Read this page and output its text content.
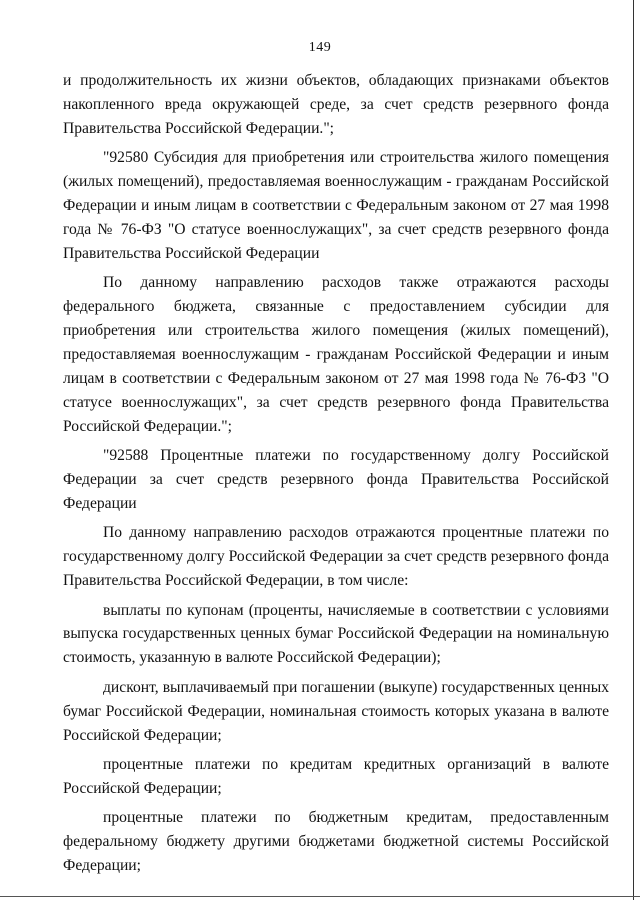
149

и продолжительность их жизни объектов, обладающих признаками объектов накопленного вреда окружающей среде, за счет средств резервного фонда Правительства Российской Федерации.";

"92580 Субсидия для приобретения или строительства жилого помещения (жилых помещений), предоставляемая военнослужащим - гражданам Российской Федерации и иным лицам в соответствии с Федеральным законом от 27 мая 1998 года № 76-ФЗ "О статусе военнослужащих", за счет средств резервного фонда Правительства Российской Федерации

По данному направлению расходов также отражаются расходы федерального бюджета, связанные с предоставлением субсидии для приобретения или строительства жилого помещения (жилых помещений), предоставляемая военнослужащим - гражданам Российской Федерации и иным лицам в соответствии с Федеральным законом от 27 мая 1998 года № 76-ФЗ "О статусе военнослужащих", за счет средств резервного фонда Правительства Российской Федерации.";

"92588 Процентные платежи по государственному долгу Российской Федерации за счет средств резервного фонда Правительства Российской Федерации

По данному направлению расходов отражаются процентные платежи по государственному долгу Российской Федерации за счет средств резервного фонда Правительства Российской Федерации, в том числе:

выплаты по купонам (проценты, начисляемые в соответствии с условиями выпуска государственных ценных бумаг Российской Федерации на номинальную стоимость, указанную в валюте Российской Федерации);

дисконт, выплачиваемый при погашении (выкупе) государственных ценных бумаг Российской Федерации, номинальная стоимость которых указана в валюте Российской Федерации;

процентные платежи по кредитам кредитных организаций в валюте Российской Федерации;

процентные платежи по бюджетным кредитам, предоставленным федеральному бюджету другими бюджетами бюджетной системы Российской Федерации;
